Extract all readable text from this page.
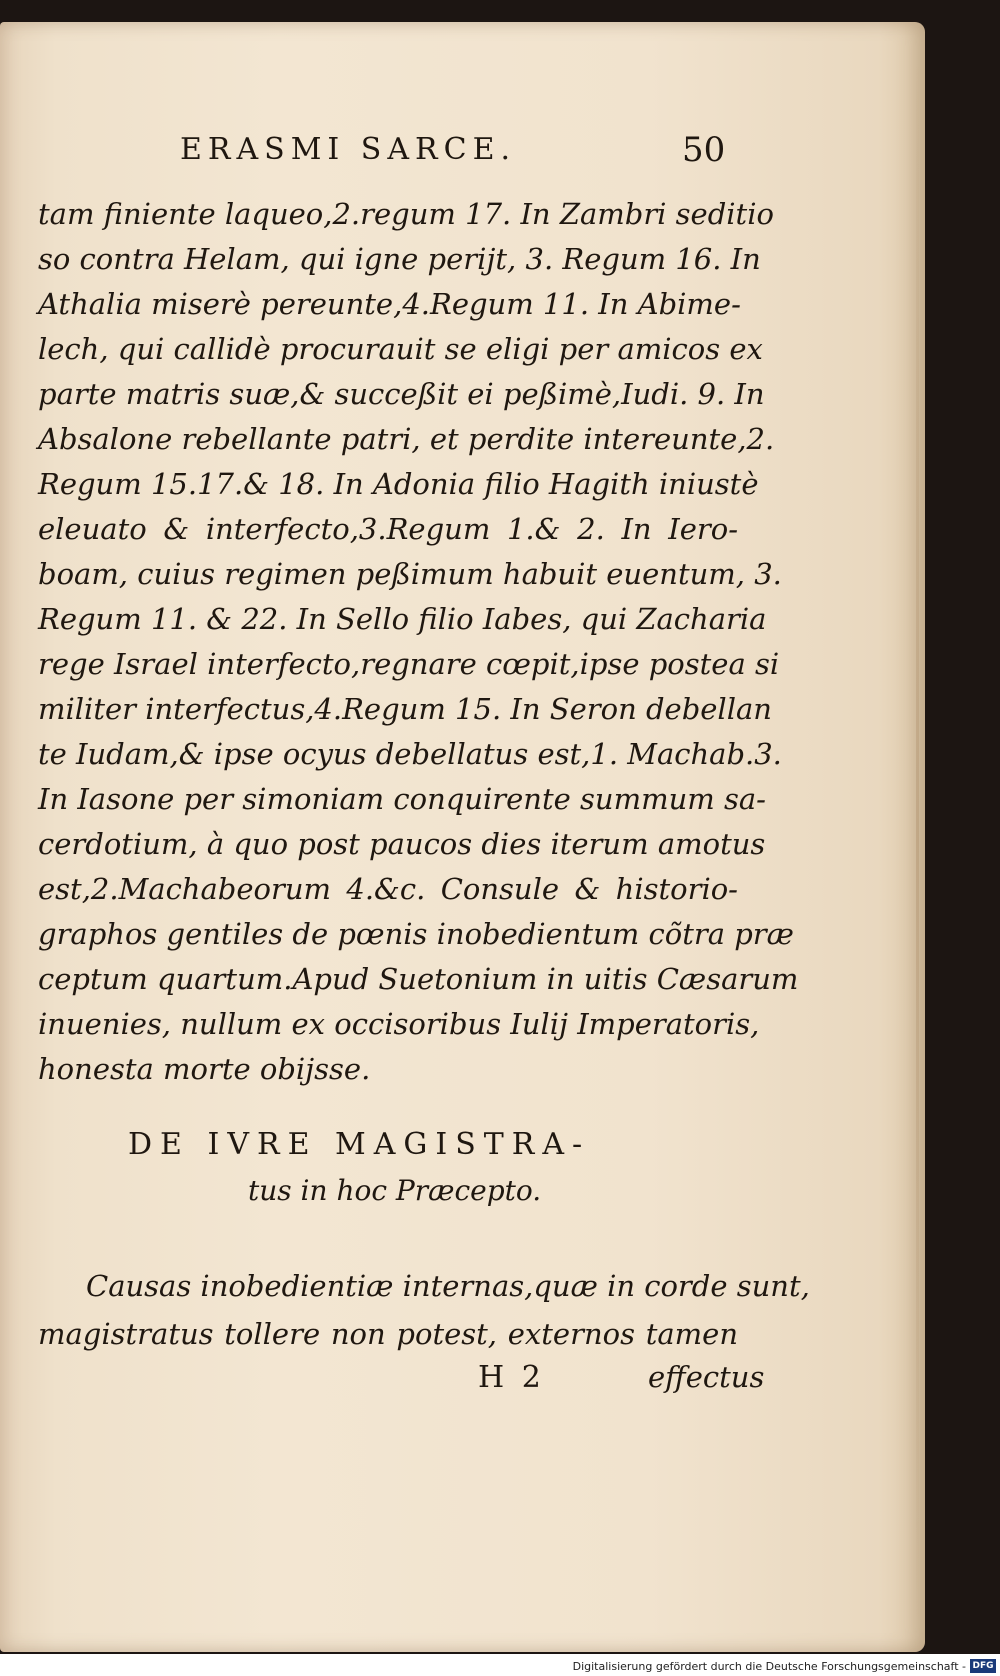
ERASMI SARCE.	50
tam finiente laqueo,2.regum 17. In Zambri seditio
so contra Helam, qui igne perijt, 3. Regum 16. In
Athalia miserè pereunte,4.Regum 11. In Abime-
lech, qui callidè procurauit se eligi per amicos ex
parte matris suæ,& succeßit ei peßimè,Iudi. 9. In
Absalone rebellante patri, et perdite intereunte,2.
Regum 15.17.& 18. In Adonia filio Hagith iniustè
eleuato & interfecto,3.Regum 1.& 2. In Iero-
boam, cuius regimen peßimum habuit euentum, 3.
Regum 11. & 22. In Sello filio Iabes, qui Zacharia
rege Israel interfecto,regnare cœpit,ipse postea si
militer interfectus,4.Regum 15. In Seron debellan
te Iudam,& ipse ocyus debellatus est,1. Machab.3.
In Iasone per simoniam conquirente summum sa-
cerdotium, à quo post paucos dies iterum amotus
est,2.Machabeorum 4.&c. Consule & historio-
graphos gentiles de pœnis inobedientum cõtra præ
ceptum quartum.Apud Suetonium in uitis Cæsarum
inuenies, nullum ex occisoribus Iulij Imperatoris,
honesta morte obijsse.
DE IVRE MAGISTRA-
tus in hoc Præcepto.
Causas inobedientiæ internas,quæ in corde sunt,
magistratus tollere non potest, externos tamen
H 2	effectus
Digitalisierung gefördert durch die Deutsche Forschungsgemeinschaft - DFG
